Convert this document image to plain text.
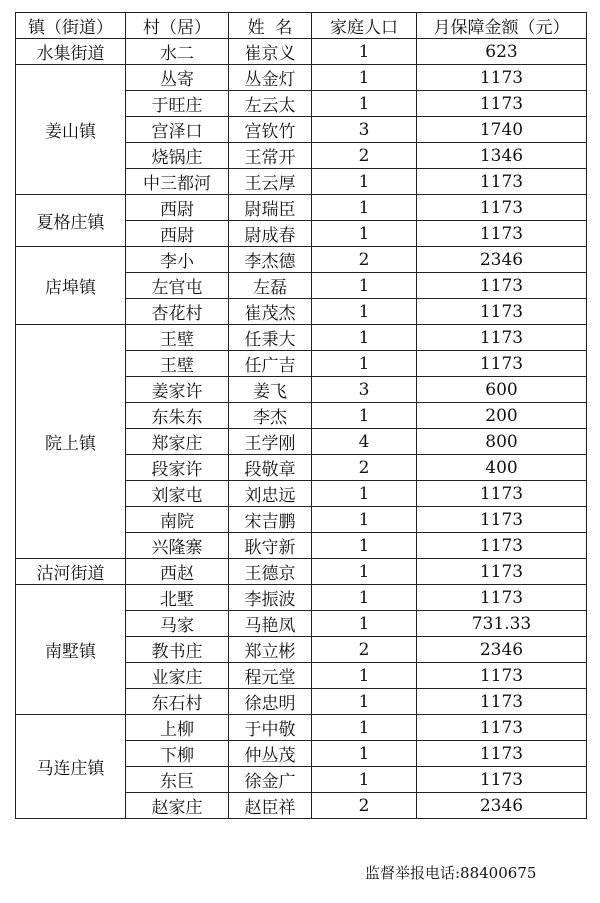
镇（街道）	村（居）	姓  名	家庭人口	月保障金额（元）
水集街道	水二	崔京义	1	623
姜山镇	丛寄	丛金灯	1	1173
	于旺庄	左云太	1	1173
	宫泽口	宫钦竹	3	1740
	烧锅庄	王常开	2	1346
	中三都河	王云厚	1	1173
夏格庄镇	西尉	尉瑞臣	1	1173
	西尉	尉成春	1	1173
店埠镇	李小	李杰德	2	2346
	左官屯	左磊	1	1173
	杏花村	崔茂杰	1	1173
院上镇	王壁	任秉大	1	1173
	王壁	任广吉	1	1173
	姜家许	姜飞	3	600
	东朱东	李杰	1	200
	郑家庄	王学刚	4	800
	段家许	段敬章	2	400
	刘家屯	刘忠远	1	1173
	南院	宋吉鹏	1	1173
	兴隆寨	耿守新	1	1173
沽河街道	西赵	王德京	1	1173
南墅镇	北墅	李振波	1	1173
	马家	马艳凤	1	731.33
	教书庄	郑立彬	2	2346
	业家庄	程元堂	1	1173
	东石村	徐忠明	1	1173
马连庄镇	上柳	于中敬	1	1173
	下柳	仲丛茂	1	1173
	东巨	徐金广	1	1173
	赵家庄	赵臣祥	2	2346
监督举报电话:88400675
